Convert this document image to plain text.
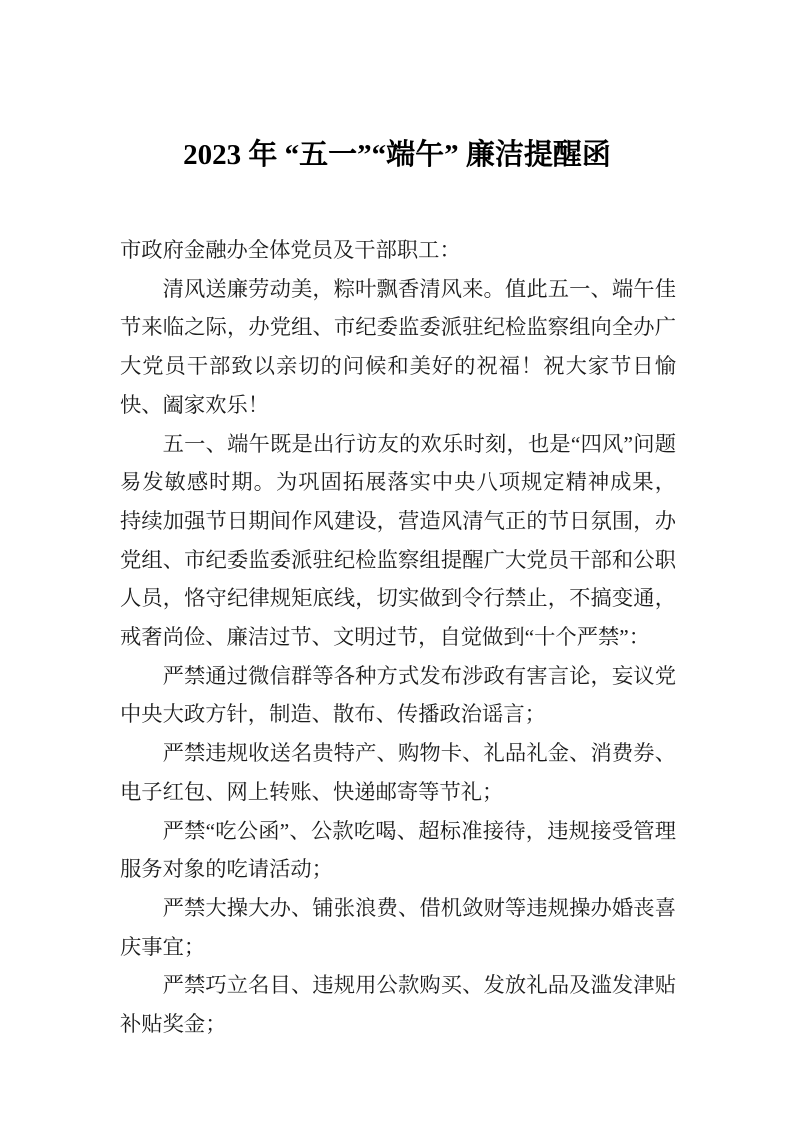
2023 年 “五一”“端午” 廉洁提醒函

市政府金融办全体党员及干部职工：

清风送廉劳动美，粽叶飘香清风来。值此五一、端午佳节来临之际，办党组、市纪委监委派驻纪检监察组向全办广大党员干部致以亲切的问候和美好的祝福！祝大家节日愉快、阖家欢乐！

五一、端午既是出行访友的欢乐时刻，也是“四风”问题易发敏感时期。为巩固拓展落实中央八项规定精神成果， 持续加强节日期间作风建设，营造风清气正的节日氛围，办党组、市纪委监委派驻纪检监察组提醒广大党员干部和公职人员，恪守纪律规矩底线，切实做到令行禁止，不搞变通， 戒奢尚俭、廉洁过节、文明过节，自觉做到“十个严禁”：

严禁通过微信群等各种方式发布涉政有害言论，妄议党中央大政方针，制造、散布、传播政治谣言；

严禁违规收送名贵特产、购物卡、礼品礼金、消费券、电子红包、网上转账、快递邮寄等节礼；

严禁“吃公函”、公款吃喝、超标准接待，违规接受管理服务对象的吃请活动；

严禁大操大办、铺张浪费、借机敛财等违规操办婚丧喜庆事宜；

严禁巧立名目、违规用公款购买、发放礼品及滥发津贴补贴奖金；
